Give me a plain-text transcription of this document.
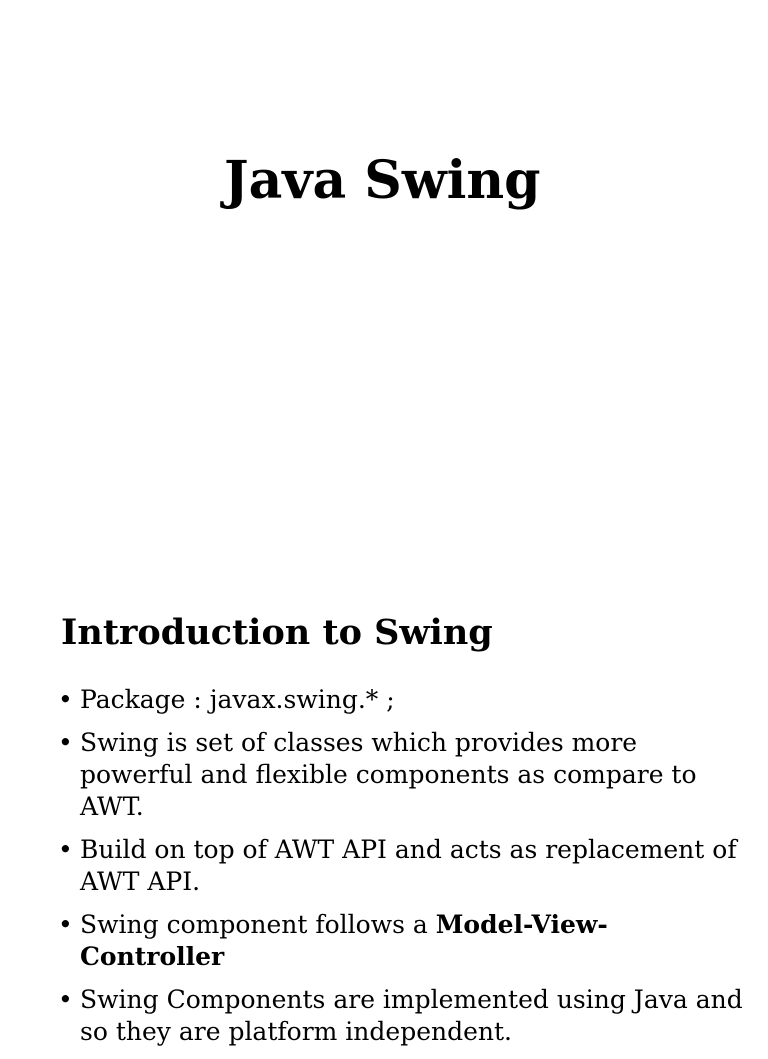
Java Swing
Introduction to Swing
• Package : javax.swing.* ;
• Swing is set of classes which provides more powerful and flexible components as compare to AWT.
• Build on top of AWT API and acts as replacement of AWT API.
• Swing component follows a Model-View-Controller
• Swing Components are implemented using Java and so they are platform independent.
